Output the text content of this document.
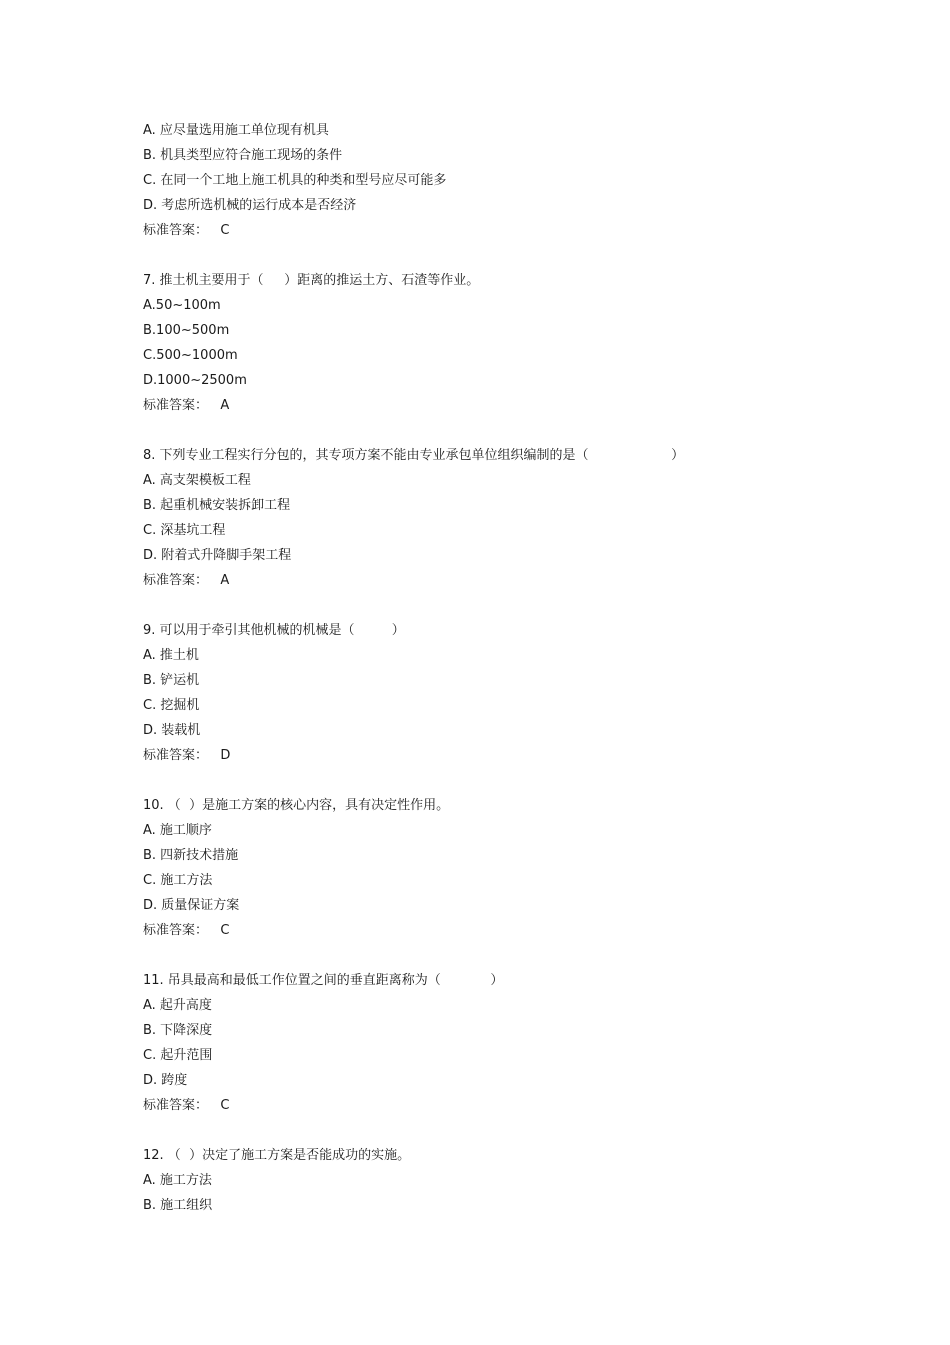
A. 应尽量选用施工单位现有机具
B. 机具类型应符合施工现场的条件
C. 在同一个工地上施工机具的种类和型号应尽可能多
D. 考虑所选机械的运行成本是否经济
标准答案：   C
7. 推土机主要用于（     ）距离的推运土方、石渣等作业。
A.50~100m
B.100~500m
C.500~1000m
D.1000~2500m
标准答案：   A
8. 下列专业工程实行分包的，其专项方案不能由专业承包单位组织编制的是（                    ）
A. 高支架模板工程
B. 起重机械安装拆卸工程
C. 深基坑工程
D. 附着式升降脚手架工程
标准答案：   A
9. 可以用于牵引其他机械的机械是（         ）
A. 推土机
B. 铲运机
C. 挖掘机
D. 装载机
标准答案：   D
10. （  ）是施工方案的核心内容，具有决定性作用。
A. 施工顺序
B. 四新技术措施
C. 施工方法
D. 质量保证方案
标准答案：   C
11. 吊具最高和最低工作位置之间的垂直距离称为（            ）
A. 起升高度
B. 下降深度
C. 起升范围
D. 跨度
标准答案：   C
12. （  ）决定了施工方案是否能成功的实施。
A. 施工方法
B. 施工组织
